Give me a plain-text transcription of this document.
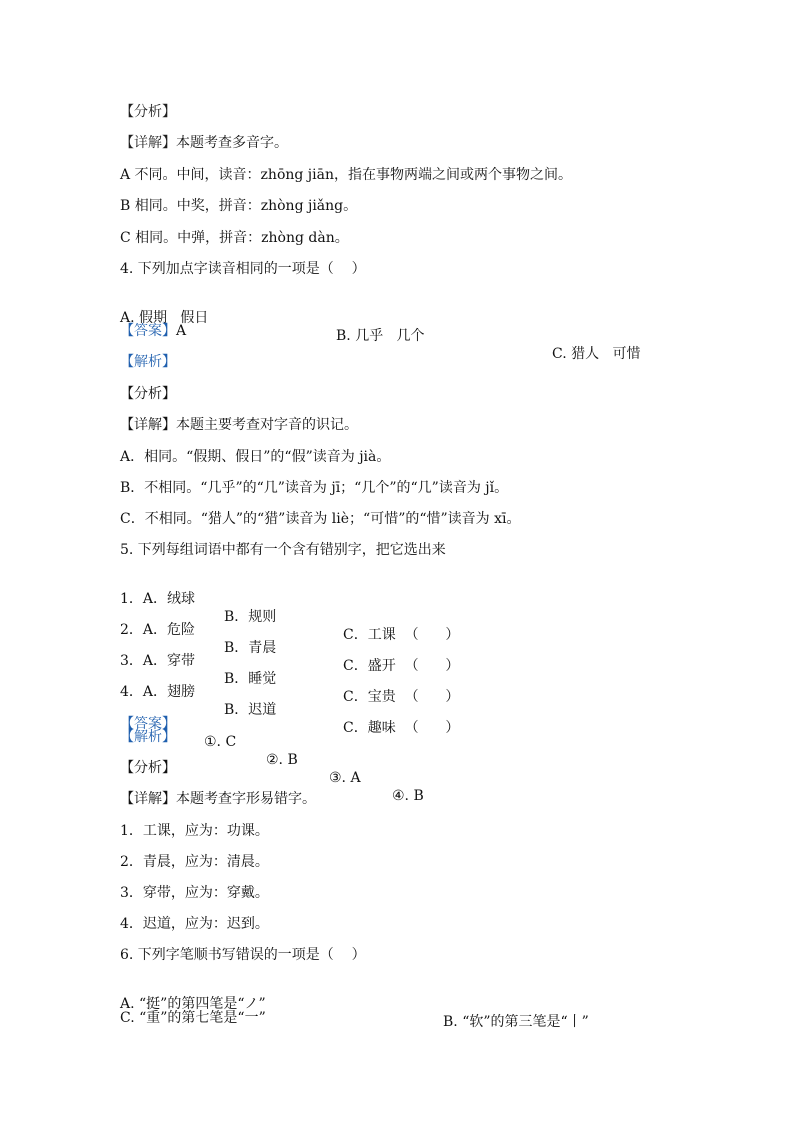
【分析】
【详解】本题考查多音字。
A 不同。中间，读音：zhōng jiān，指在事物两端之间或两个事物之间。
B 相同。中奖，拼音：zhòng jiǎng。
C 相同。中弹，拼音：zhòng dàn。
4. 下列加点字读音相同的一项是（    ）

A. 假期   假日

B. 几乎   几个

C. 猎人   可惜

【答案】A
【解析】
【分析】
【详解】本题主要考查对字音的识记。
A．相同。“假期、假日”的“假”读音为 jià。
B．不相同。“几乎”的“几”读音为 jī；“几个”的“几”读音为 jǐ。
C．不相同。“猎人”的“猎”读音为 liè；“可惜”的“惜”读音为 xī。
5. 下列每组词语中都有一个含有错别字，把它选出来

1．A．绒球

B．规则

C．工课  （      ）

2．A．危险

B．青晨

C．盛开  （      ）

3．A．穿带

B．睡觉

C．宝贵  （      ）

4．A．翅膀

B．迟道

C．趣味  （      ）

【答案】

①. C

②. B

③. A

④. B

【解析】
【分析】
【详解】本题考查字形易错字。
1．工课，应为：功课。
2．青晨，应为：清晨。
3．穿带，应为：穿戴。
4．迟道，应为：迟到。
6. 下列字笔顺书写错误的一项是（    ）

A. “挺”的第四笔是“ノ”

B. “软”的第三笔是“丨”

C. “重”的第七笔是“一”
